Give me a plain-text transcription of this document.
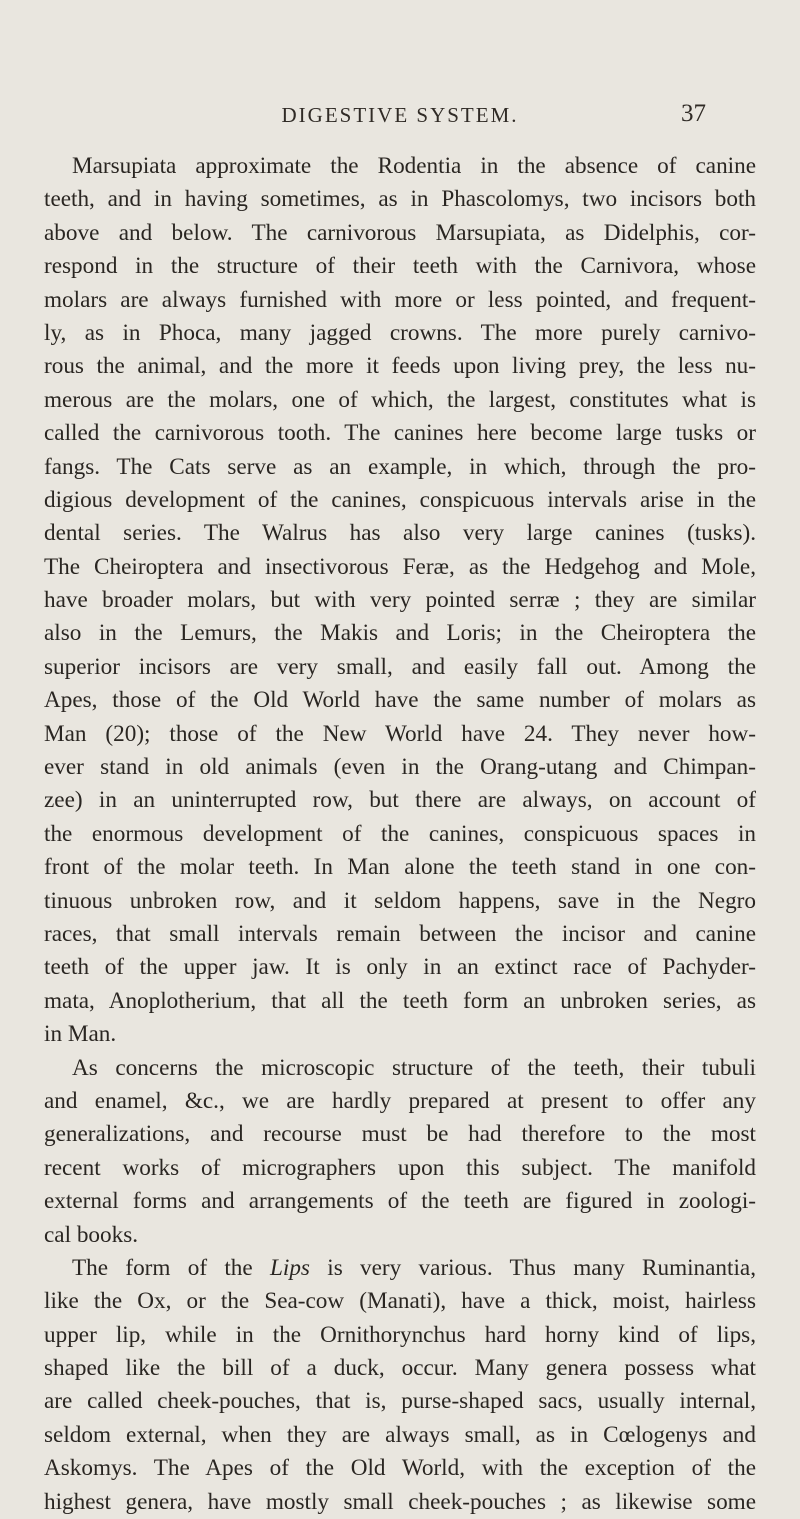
DIGESTIVE SYSTEM.	37
Marsupiata approximate the Rodentia in the absence of canine
teeth, and in having sometimes, as in Phascolomys, two incisors both
above and below. The carnivorous Marsupiata, as Didelphis, cor-
respond in the structure of their teeth with the Carnivora, whose
molars are always furnished with more or less pointed, and frequent-
ly, as in Phoca, many jagged crowns. The more purely carnivo-
rous the animal, and the more it feeds upon living prey, the less nu-
merous are the molars, one of which, the largest, constitutes what is
called the carnivorous tooth. The canines here become large tusks or
fangs. The Cats serve as an example, in which, through the pro-
digious development of the canines, conspicuous intervals arise in the
dental series. The Walrus has also very large canines (tusks).
The Cheiroptera and insectivorous Feræ, as the Hedgehog and Mole,
have broader molars, but with very pointed serræ ; they are similar
also in the Lemurs, the Makis and Loris; in the Cheiroptera the
superior incisors are very small, and easily fall out. Among the
Apes, those of the Old World have the same number of molars as
Man (20); those of the New World have 24. They never how-
ever stand in old animals (even in the Orang-utang and Chimpan-
zee) in an uninterrupted row, but there are always, on account of
the enormous development of the canines, conspicuous spaces in
front of the molar teeth. In Man alone the teeth stand in one con-
tinuous unbroken row, and it seldom happens, save in the Negro
races, that small intervals remain between the incisor and canine
teeth of the upper jaw. It is only in an extinct race of Pachyder-
mata, Anoplotherium, that all the teeth form an unbroken series, as
in Man.
As concerns the microscopic structure of the teeth, their tubuli
and enamel, &c., we are hardly prepared at present to offer any
generalizations, and recourse must be had therefore to the most
recent works of micrographers upon this subject. The manifold
external forms and arrangements of the teeth are figured in zoologi-
cal books.
The form of the Lips is very various. Thus many Ruminantia,
like the Ox, or the Sea-cow (Manati), have a thick, moist, hairless
upper lip, while in the Ornithorynchus hard horny kind of lips,
shaped like the bill of a duck, occur. Many genera possess what
are called cheek-pouches, that is, purse-shaped sacs, usually internal,
seldom external, when they are always small, as in Cœlogenys and
Askomys. The Apes of the Old World, with the exception of the
highest genera, have mostly small cheek-pouches ; as likewise some
